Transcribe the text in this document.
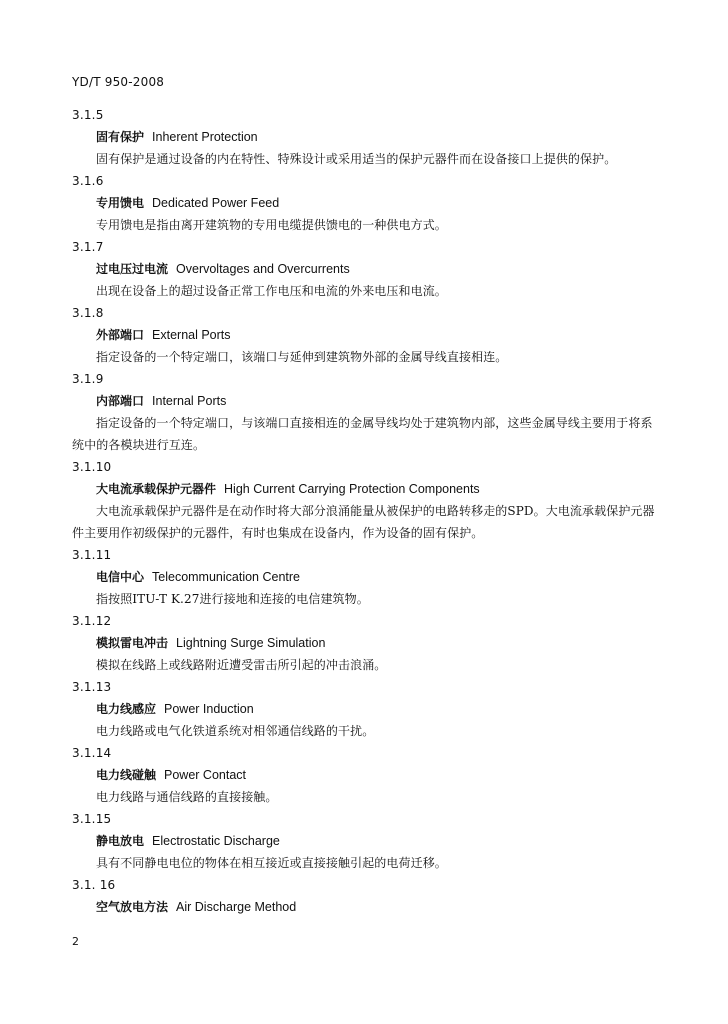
YD/T 950-2008
3.1.5
固有保护 Inherent Protection
固有保护是通过设备的内在特性、特殊设计或采用适当的保护元器件而在设备接口上提供的保护。
3.1.6
专用馈电 Dedicated Power Feed
专用馈电是指由离开建筑物的专用电缆提供馈电的一种供电方式。
3.1.7
过电压过电流 Overvoltages and Overcurrents
出现在设备上的超过设备正常工作电压和电流的外来电压和电流。
3.1.8
外部端口 External Ports
指定设备的一个特定端口，该端口与延伸到建筑物外部的金属导线直接相连。
3.1.9
内部端口 Internal Ports
指定设备的一个特定端口，与该端口直接相连的金属导线均处于建筑物内部，这些金属导线主要用于将系统中的各模块进行互连。
3.1.10
大电流承载保护元器件 High Current Carrying Protection Components
大电流承载保护元器件是在动作时将大部分浪涌能量从被保护的电路转移走的SPD。大电流承载保护元器件主要用作初级保护的元器件，有时也集成在设备内，作为设备的固有保护。
3.1.11
电信中心 Telecommunication Centre
指按照ITU-T K.27进行接地和连接的电信建筑物。
3.1.12
模拟雷电冲击 Lightning Surge Simulation
模拟在线路上或线路附近遭受雷击所引起的冲击浪涌。
3.1.13
电力线感应 Power Induction
电力线路或电气化铁道系统对相邻通信线路的干扰。
3.1.14
电力线碰触 Power Contact
电力线路与通信线路的直接接触。
3.1.15
静电放电 Electrostatic Discharge
具有不同静电电位的物体在相互接近或直接接触引起的电荷迁移。
3.1. 16
空气放电方法 Air Discharge Method
2
